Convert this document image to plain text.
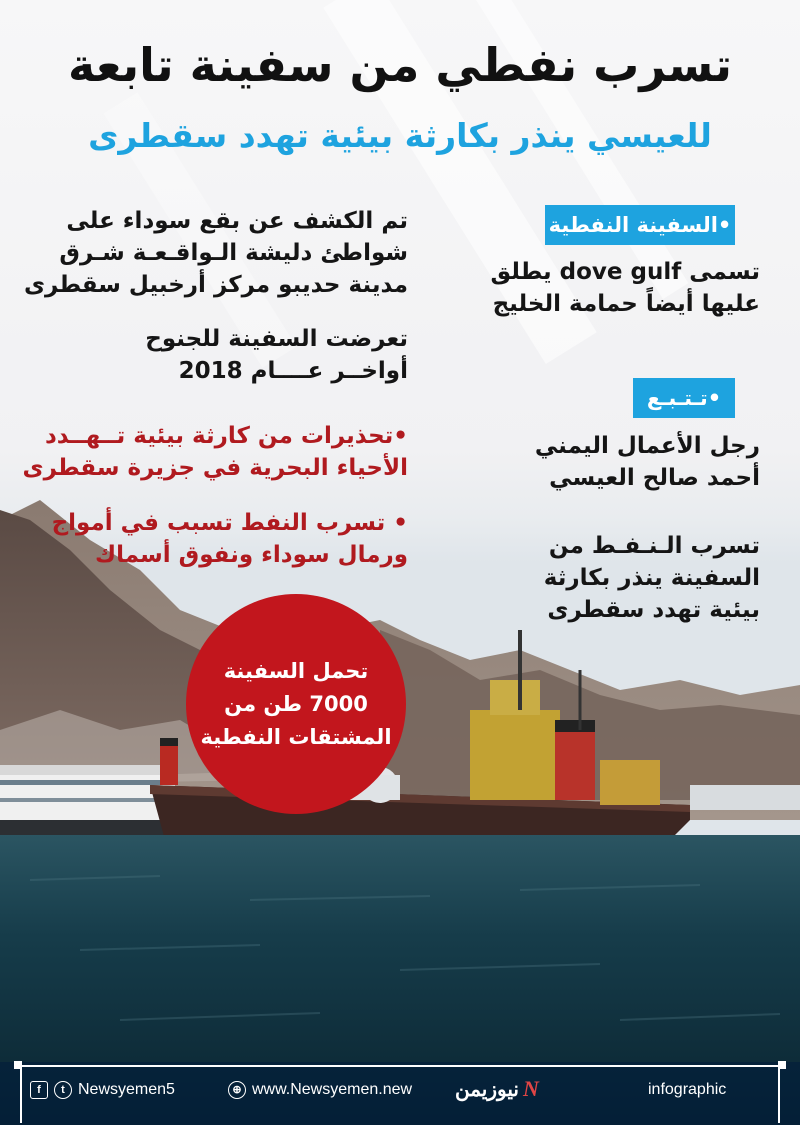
تسرب نفطي من سفينة تابعة
للعيسي ينذر بكارثة بيئية تهدد سقطرى
•السفينة النفطية
تسمى dove gulf يطلق
عليها أيضاً حمامة الخليج
•تـتـبـع
رجل الأعمال اليمني
أحمد صالح العيسي
تسرب الـنـفـط من
السفينة ينذر بكارثة
بيئية تهدد سقطرى
تم الكشف عن بقع سوداء على
شواطئ دليشة الـواقـعـة شـرق
مدينة حديبو مركز أرخبيل سقطرى
تعرضت السفينة للجنوح
أواخــر عــــام 2018
•تحذيرات من كارثة بيئية تــهــدد
الأحياء البحرية في جزيرة سقطرى
• تسرب النفط تسبب في أمواج
ورمال سوداء ونفوق أسماك
تحمل السفينة
7000 طن من
المشتقات النفطية
f	t Newsyemen5	⊕ www.Newsyemen.new	N
نيوزيمن	infographic
